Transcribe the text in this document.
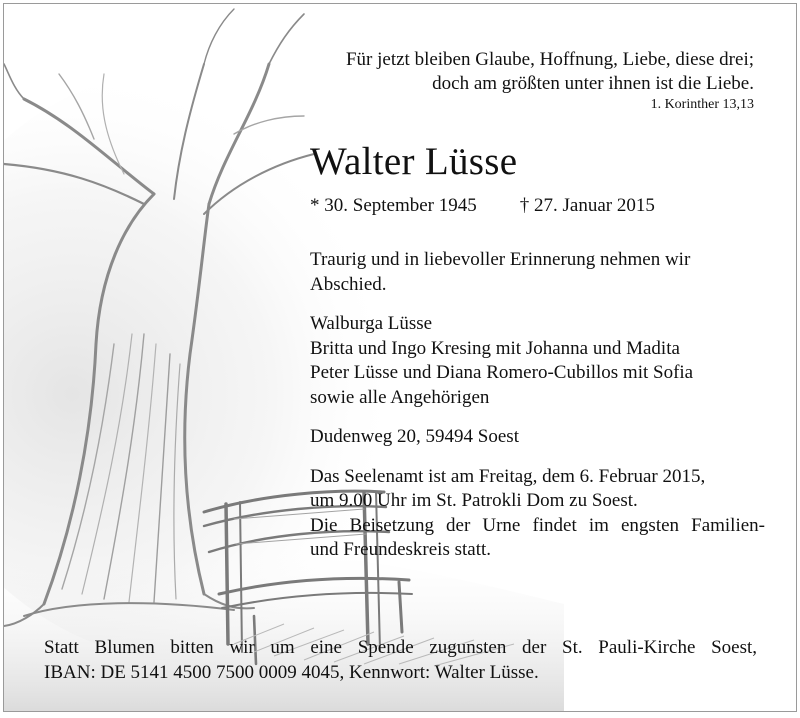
Für jetzt bleiben Glaube, Hoffnung, Liebe, diese drei;
doch am größten unter ihnen ist die Liebe.
1. Korinther 13,13
Walter Lüsse
* 30. September 1945 † 27. Januar 2015

Traurig und in liebevoller Erinnerung nehmen wir
Abschied.

Walburga Lüsse
Britta und Ingo Kresing mit Johanna und Madita
Peter Lüsse und Diana Romero-Cubillos mit Sofia
sowie alle Angehörigen

Dudenweg 20, 59494 Soest

Das Seelenamt ist am Freitag, dem 6. Februar 2015,
um 9.00 Uhr im St. Patrokli Dom zu Soest.
Die Beisetzung der Urne findet im engsten Familien-
und Freundeskreis statt.
Statt Blumen bitten wir um eine Spende zugunsten der St. Pauli-Kirche Soest,
IBAN: DE 5141 4500 7500 0009 4045, Kennwort: Walter Lüsse.
